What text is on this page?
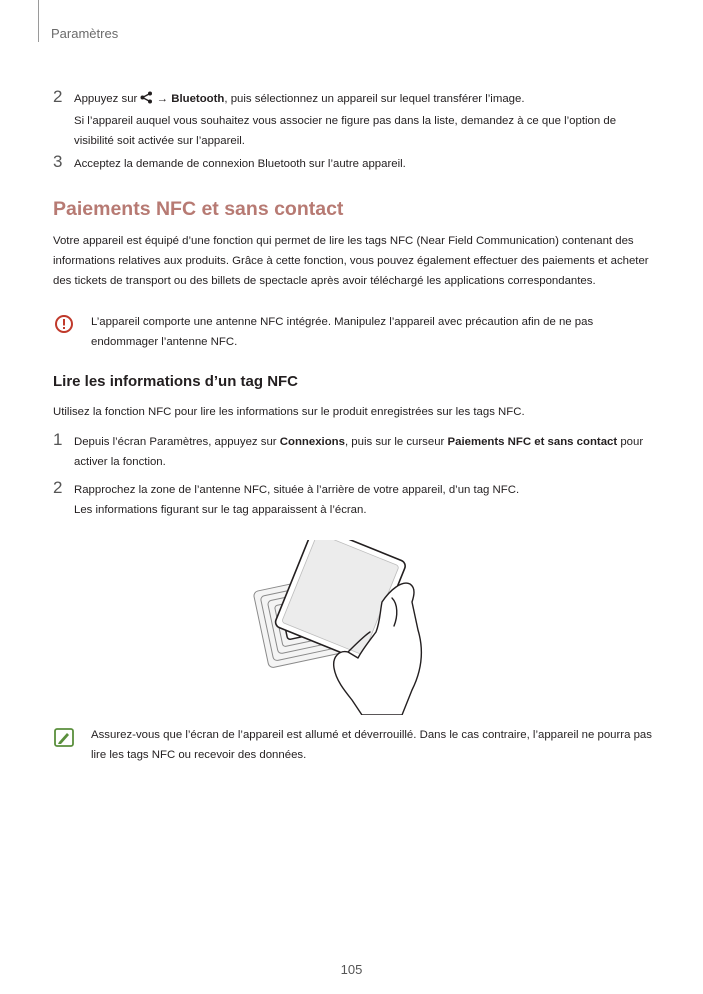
Paramètres
2 Appuyez sur  → Bluetooth, puis sélectionnez un appareil sur lequel transférer l’image.
Si l’appareil auquel vous souhaitez vous associer ne figure pas dans la liste, demandez à ce que l’option de visibilité soit activée sur l’appareil.
3 Acceptez la demande de connexion Bluetooth sur l’autre appareil.
Paiements NFC et sans contact
Votre appareil est équipé d’une fonction qui permet de lire les tags NFC (Near Field Communication) contenant des informations relatives aux produits. Grâce à cette fonction, vous pouvez également effectuer des paiements et acheter des tickets de transport ou des billets de spectacle après avoir téléchargé les applications correspondantes.
L’appareil comporte une antenne NFC intégrée. Manipulez l’appareil avec précaution afin de ne pas endommager l’antenne NFC.
Lire les informations d’un tag NFC
Utilisez la fonction NFC pour lire les informations sur le produit enregistrées sur les tags NFC.
1 Depuis l’écran Paramètres, appuyez sur Connexions, puis sur le curseur Paiements NFC et sans contact pour activer la fonction.
2 Rapprochez la zone de l’antenne NFC, située à l’arrière de votre appareil, d’un tag NFC.
Les informations figurant sur le tag apparaissent à l’écran.
Assurez-vous que l’écran de l’appareil est allumé et déverrouillé. Dans le cas contraire, l’appareil ne pourra pas lire les tags NFC ou recevoir des données.
105
